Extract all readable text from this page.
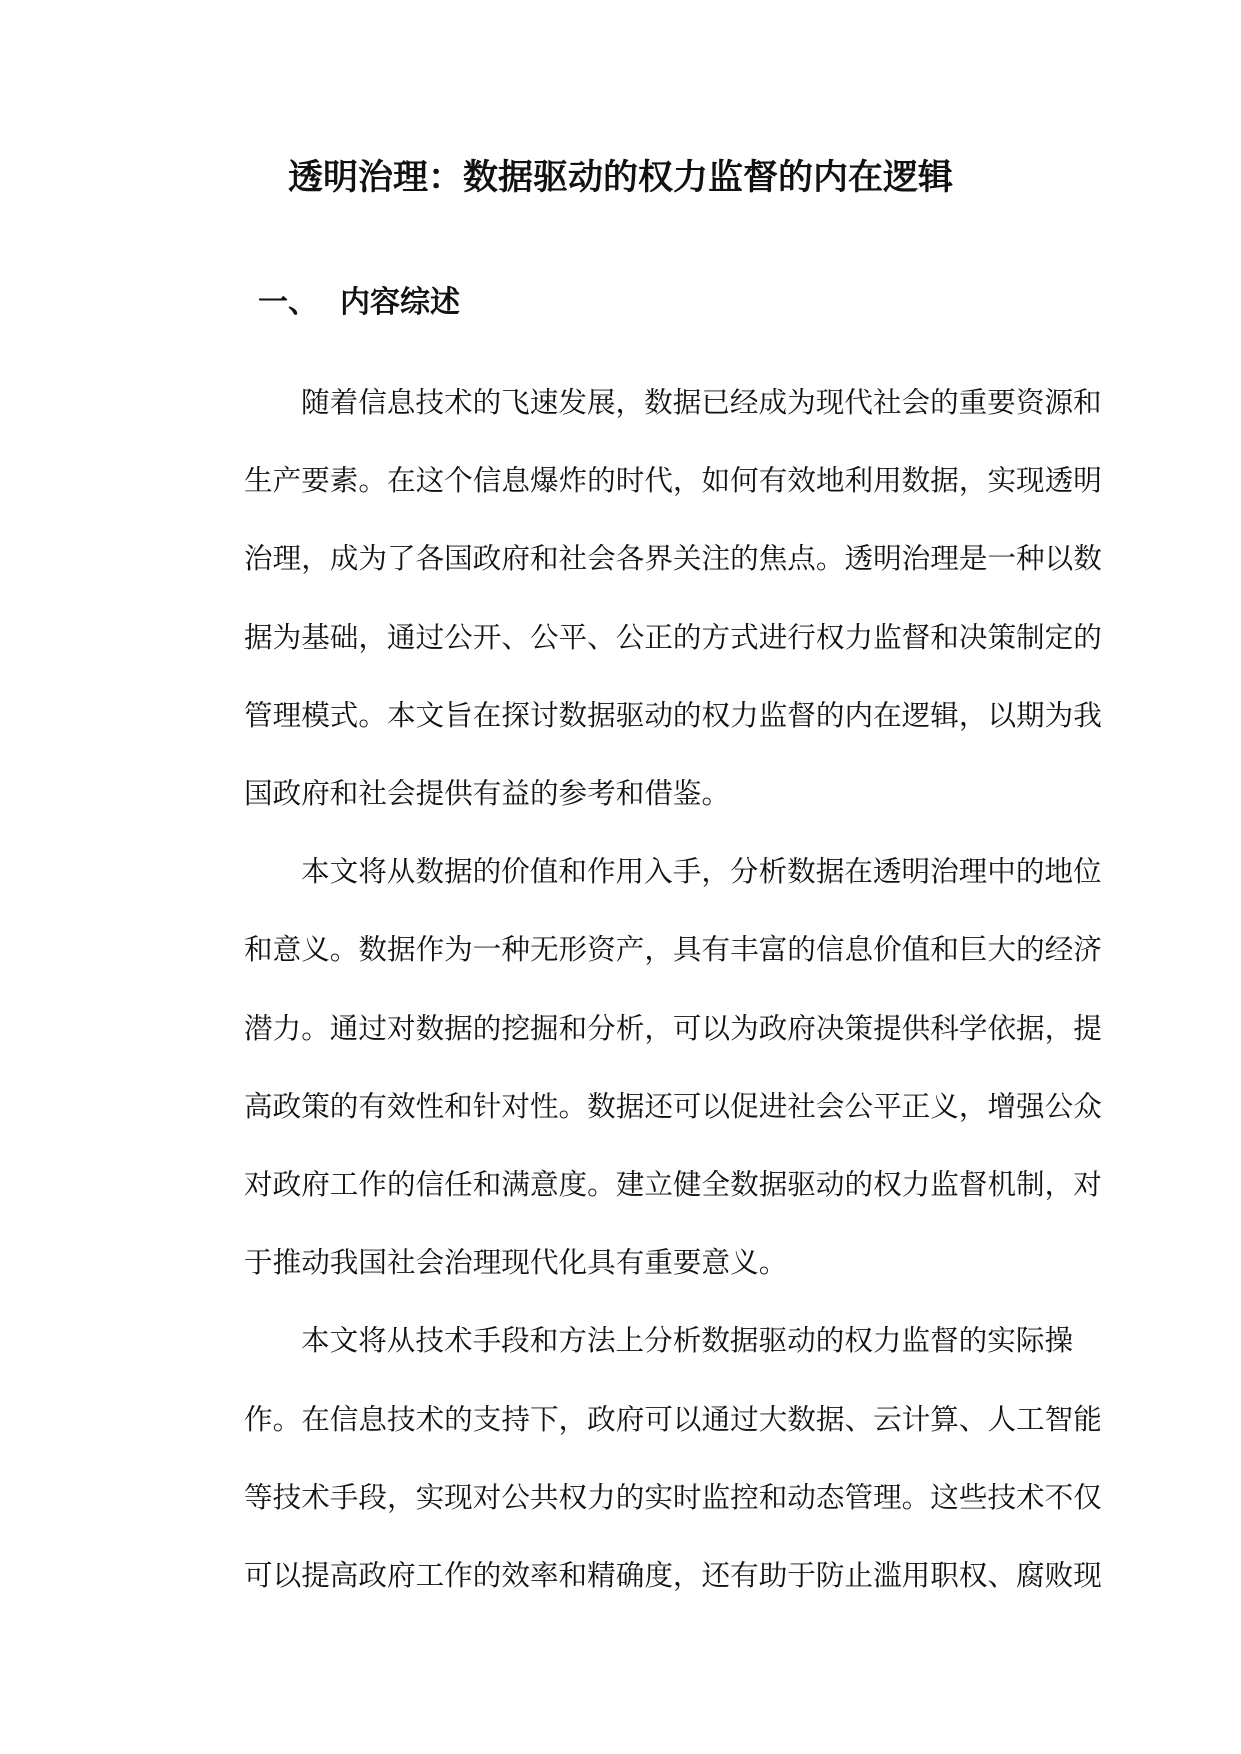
透明治理：数据驱动的权力监督的内在逻辑
一、 内容综述
随着信息技术的飞速发展，数据已经成为现代社会的重要资源和
生产要素。在这个信息爆炸的时代，如何有效地利用数据，实现透明
治理，成为了各国政府和社会各界关注的焦点。透明治理是一种以数
据为基础，通过公开、公平、公正的方式进行权力监督和决策制定的
管理模式。本文旨在探讨数据驱动的权力监督的内在逻辑，以期为我
国政府和社会提供有益的参考和借鉴。
本文将从数据的价值和作用入手，分析数据在透明治理中的地位
和意义。数据作为一种无形资产，具有丰富的信息价值和巨大的经济
潜力。通过对数据的挖掘和分析，可以为政府决策提供科学依据，提
高政策的有效性和针对性。数据还可以促进社会公平正义，增强公众
对政府工作的信任和满意度。建立健全数据驱动的权力监督机制，对
于推动我国社会治理现代化具有重要意义。
本文将从技术手段和方法上分析数据驱动的权力监督的实际操
作。在信息技术的支持下，政府可以通过大数据、云计算、人工智能
等技术手段，实现对公共权力的实时监控和动态管理。这些技术不仅
可以提高政府工作的效率和精确度，还有助于防止滥用职权、腐败现
